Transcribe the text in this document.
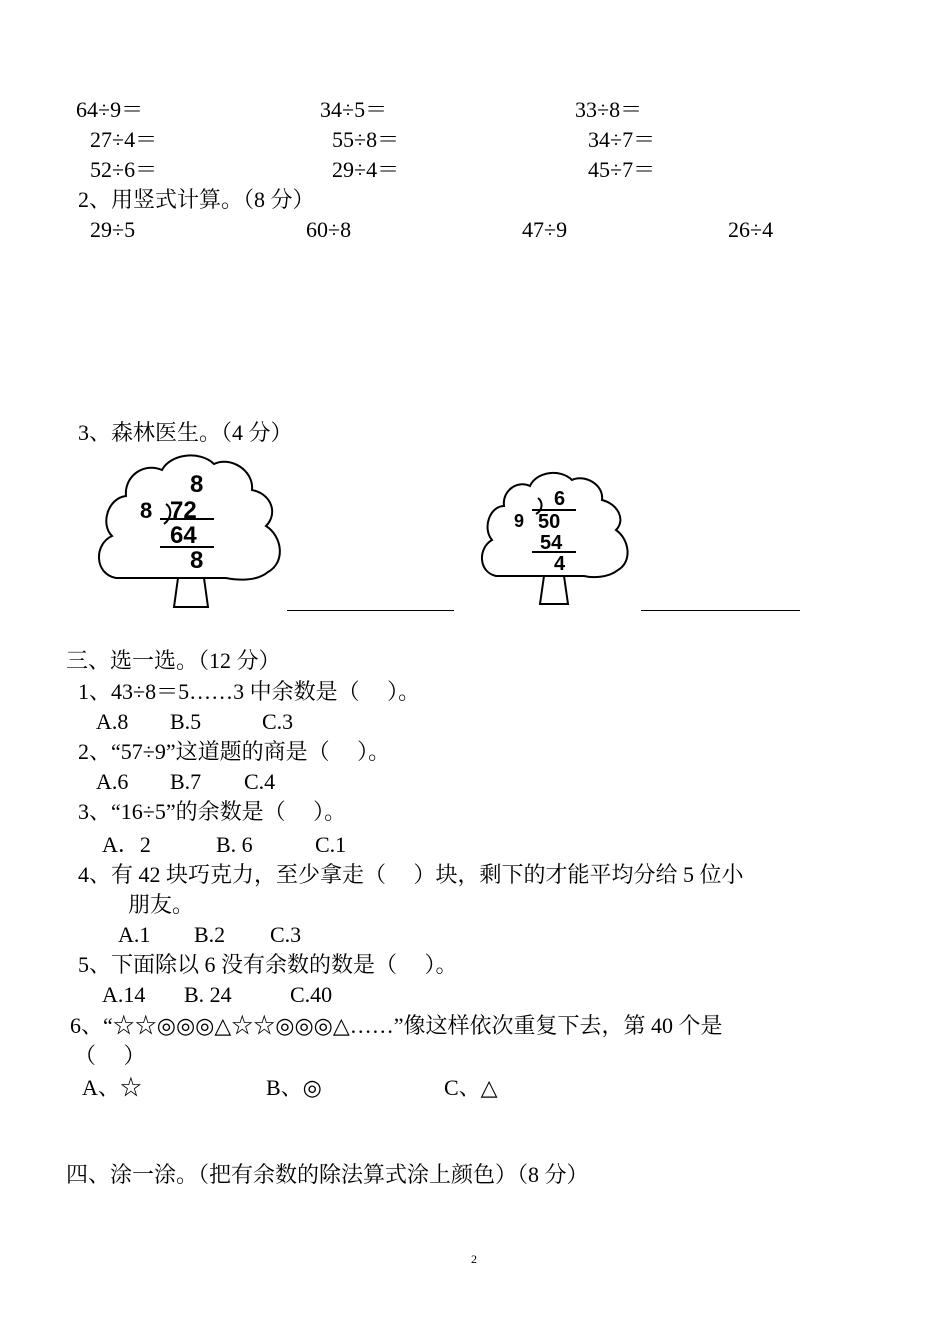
64÷9＝	34÷5＝	33÷8＝
27÷4＝	55÷8＝	34÷7＝
52÷6＝	29÷4＝	45÷7＝
2、用竖式计算。（8 分）
29÷5	60÷8	47÷9	26÷4
3、森林医生。（4 分）
8
8 72
64
8
6
9 50
54
4
三、选一选。（12 分）
1、43÷8＝5……3 中余数是（     ）。
A.8 B.5	C.3
2、“57÷9”这道题的商是（     ）。
A.6 B.7 C.4
3、“16÷5”的余数是（     ）。
A．2	B. 6	C.1
4、有 42 块巧克力，至少拿走（     ）块，剩下的才能平均分给 5 位小
朋友。
A.1 B.2 C.3
5、下面除以 6 没有余数的数是（     ）。
A.14 B. 24	C.40
6、“☆☆◎◎◎△☆☆◎◎◎△……”像这样依次重复下去，第 40 个是
（     ）
A、☆	B、◎	C、△
四、涂一涂。（把有余数的除法算式涂上颜色）（8 分）
2
